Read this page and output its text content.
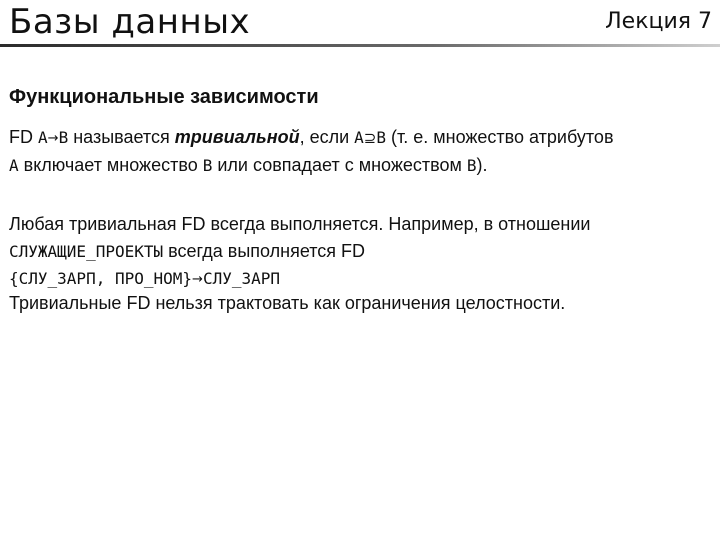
Базы данных	Лекция 7
Функциональные зависимости
FD A→B называется тривиальной, если A⊇B (т. е. множество атрибутов
A включает множество B или совпадает с множеством B).
Любая тривиальная FD всегда выполняется. Например, в отношении
СЛУЖАЩИЕ_ПРОЕКТЫ всегда выполняется FD
{СЛУ_ЗАРП, ПРО_НОМ}→СЛУ_ЗАРП
Тривиальные FD нельзя трактовать как ограничения целостности.
